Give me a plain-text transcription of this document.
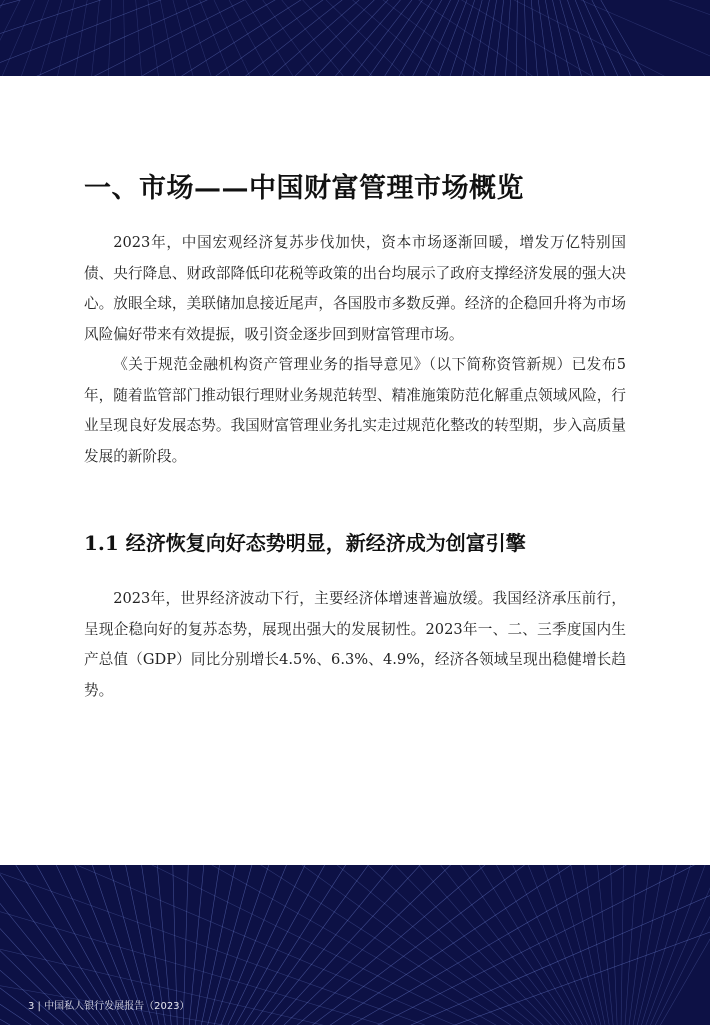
一、市场——中国财富管理市场概览

2023年，中国宏观经济复苏步伐加快，资本市场逐渐回暖，增发万亿特别国债、央行降息、财政部降低印花税等政策的出台均展示了政府支撑经济发展的强大决心。放眼全球，美联储加息接近尾声，各国股市多数反弹。经济的企稳回升将为市场风险偏好带来有效提振，吸引资金逐步回到财富管理市场。

《关于规范金融机构资产管理业务的指导意见》（以下简称资管新规）已发布5年，随着监管部门推动银行理财业务规范转型、精准施策防范化解重点领域风险，行业呈现良好发展态势。我国财富管理业务扎实走过规范化整改的转型期，步入高质量发展的新阶段。

1.1 经济恢复向好态势明显，新经济成为创富引擎

2023年，世界经济波动下行，主要经济体增速普遍放缓。我国经济承压前行，呈现企稳向好的复苏态势，展现出强大的发展韧性。2023年一、二、三季度国内生产总值（GDP）同比分别增长4.5%、6.3%、4.9%，经济各领域呈现出稳健增长趋势。

3 | 中国私人银行发展报告（2023）
